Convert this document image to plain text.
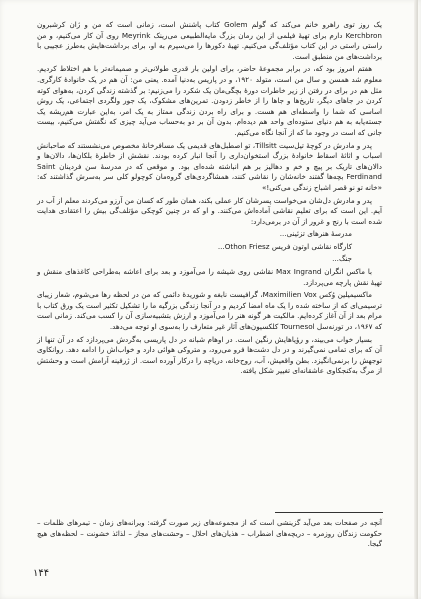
یک روز توی راهرو خانم می‌کند که گولم Golem کتاب پاشنش است، زمانی است که من و ژان کرشبرون Kerchbron دارم برای تهیهٔ فیلمی از این رمان بزرگ مایه‌الطبیعی می‌رینک Meyrink روی آن کار می‌کنیم، و من راستی راستی در این کتاب مؤتلف‌گی می‌کنیم. تهیهٔ دکورها را می‌سپرم به‌ او، برای برداشت‌هایش به‌طرز عجیبی با برداشت‌های من منطبق است.

هفتم امروز بود که، در برابر مجموعهٔ حاضر، برای اولین بار قدری طولانی‌تر و صمیمانه‌تر با هم اختلاط کردیم. معلوم شد همسن و سال من است، متولد ۱۹۲۰، و در پاریس به‌دنیا آمده. یعنی من: آن هم در یک خانوادهٔ کارگری. مثل هم در برای در رفتن از زیر خاطرات دورهٔ بچگی‌مان یک شکرد را می‌زنیم: بر گذشته زندگی کردن، به‌هوای کوته کردن در جاهای دیگر، تاریخ‌ها و جاها را از خاطر زدودن. تمرین‌های مشکوک، یک جور ولگردی اجتماعی، یک روش اساسی که شما را واسطه‌ای هم هست. و برای راه بردن زندگی ممتاز به یک امر، به‌این عبارت هم‌ریشه یک جسته‌یابه به‌ هم دنیای ستوده‌ای واحد هم دیده‌ام. بدون آن بر دو به‌حساب می‌آید چیزی که نگفتش می‌کنیم، بیست جانی که است در وجود ما که از آنجا نگاه می‌کنیم.

پدر و مادرش در کوچهٔ تیل‌سیت Tillsitt، تو اصطبل‌های قدیمی یک مسافرخانهٔ مخصوص می‌نشستند که صاحبانش اسباب و اثاثهٔ اسقاط خانوادهٔ بزرگ استخوان‌داری را آنجا انبار کرده بودند. نقشش از خاطرهٔ بلکان‌ها، دالان‌ها و دالان‌های تاریک بر پیچ و خم و دهالیز بر هم انباشته‌ شده‌ای بود. و موقعی که در مدرسهٔ سن فردینان Saint Ferdinand بچه‌ها گفتند خانه‌شان را نقاشی کنند، همشاگردی‌های گروه‌مان کوچولو کلی سر به‌سرش گذاشتند که: «خانه تو نو قصر اشباح زندگی می‌کنی!»

پدر و مادرش دل‌شان می‌خواست پسرشان کار عملی بکند، همان طور که کسان من آرزو می‌کردند معلم از آب در آیم. این است که برای تعلیم نقاشی آماده‌اش می‌کنند. و او که در چنین کوچکی مؤتلف‌گی بیش را اعتقادی هدایت شده است با رنج و غرور از آن در برمی‌دارد:

مدرسهٔ هنرهای تزئینی...
کارگاه نقاشی اوتون فریس Othon Friesz...
جنگ...

با ماکس انگران Max Ingrand نقاشی روی شیشه را می‌آموزد و بعد برای اعاشه به‌طراحی کاغذهای منقش و تهیهٔ نقش پارچه می‌پردازد.

ماکسیمیلین وُکس Maximilien Vox، گرافیست نابغه و شوریدهٔ دائمی که من در لحظه رها می‌شوم، شعار زیبای ترسیمی‌ای که از ساخته شده را یک ماه امضا کردیم و در آنجا زندگی بزرگیه ما را تشکیل تکثیر است یک ورق کتاب با مرام بعد از آن آغاز کرده‌ایم. مالکیت هر گونه هنر را می‌آموزد و ارزش بتشبیه‌سازی آن را کسب می‌کند. زمانی است که ۱۹۶۷، در تورنه‌سل Tournesol کلکسیون‌های آثار غیر متعارف را به‌سوی او توجه می‌دهد.

بسیار خواب می‌بیند، و رؤیاهایش رنگین است. در اوهام شبانه در دل پاریسی به‌گردش می‌پردازد که در آن تنها از آن که برای تمامی نمی‌گیرند و در دل دشت‌ها فرو می‌رود، و متروکی هوائی دارد و خواب‌اش را ادامه دهد. روانکاوی توجهش را برنمی‌انگیزد. بطن واقعیش، آب، روح‌خانه، دریاچه‌ را درکار آورده است. از ژرفینه آرامش است و وحشتش از مرگ به‌کنجکاوی عاشقانه‌ای تغییر شکل یافته.

آنچه در صفحات بعد می‌آید گزینشی است که از مجموعه‌های زیر صورت گرفته: ویرانه‌های زمان – تیمرهای ظلمات – حکومت زندگان روزمره – دریچه‌های اضطراب – هذیان‌های احلال – وحشت‌های مجاز – لذائذ خشونت – لحظه‌های هیچ گیجا.
۱۴۴
